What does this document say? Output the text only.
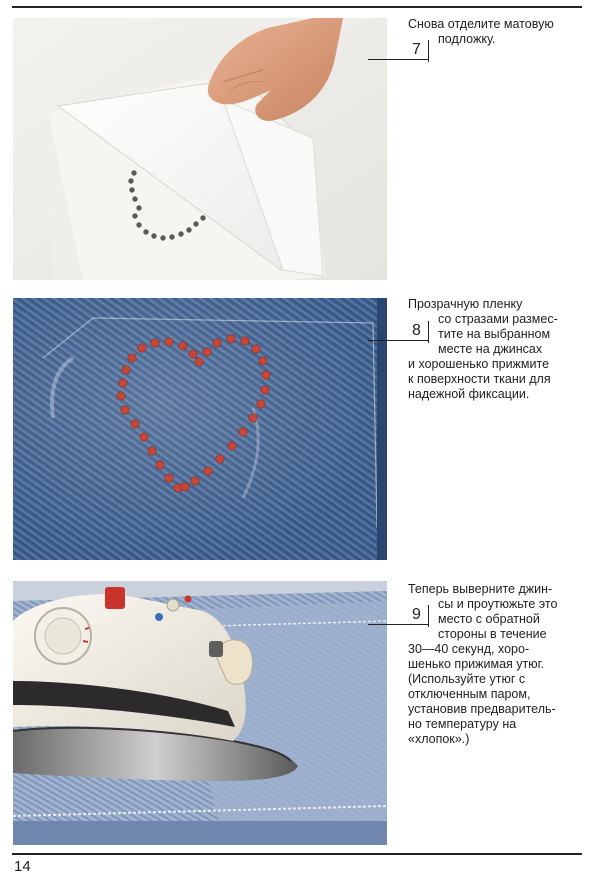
7
Снова отделите матовую
подложку.
8
Прозрачную пленку
со стразами размес-
тите на выбранном
месте на джинсах
и хорошенько прижмите
к поверхности ткани для
надежной фиксации.
9
Теперь выверните джин-
сы и проутюжьте это
место с обратной
стороны в течение
30—40 секунд, хоро-
шенько прижимая утюг.
(Используйте утюг с
отключенным паром,
установив предваритель-
но температуру на
«хлопок».)
14
